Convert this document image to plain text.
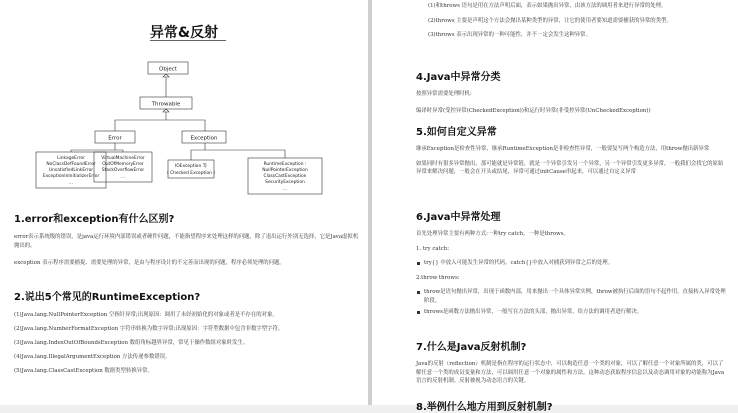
异常&反射
Object
Throwable
Error	Exception
LinkageError
NoClassDefFoundError
UnsatisfiedLinkError
ExceptionInInitializerError
...
VirtualMachineError
OutOfMemoryError
StackOverflowError
...
IOException 等
( Checked Exception )
RuntimeException :
NullPointerException
ClassCastException
SecurityException
...
1.error和exception有什么区别?

error表示系统级的错误，是java运行环境内部错误或者硬件问题，不能指望程序来处理这样的问题，除了退出运行外别无选择，它是Java虚拟机抛出的。

exception 表示程序需要捕捉、需要处理的异常，是由与程序设计的不完善而出现的问题，程序必须处理的问题。

2.说出5个常见的RuntimeException?

(1)Java.lang.NullPointerException 空指针异常;出现原因：调用了未经初始化的对象或者是不存在的对象。

(2)Java.lang.NumberFormatException 字符串转换为数字异常;出现原因：字符型数据中包含非数字型字符。

(3)Java.lang.IndexOutOfBoundsException 数组角标越界异常，常见于操作数组对象时发生。

(4)Java.lang.IllegalArgumentException 方法传递参数错误。

(5)Java.lang.ClassCastException 数据类型转换异常。

(1)和throws 语句是用在方法声明后面，表示如果抛出异常，由该方法的调用者来进行异常的处理。

(2)throws 主要是声明这个方法会抛出某种类型的异常，让它的使用者要知道需要捕获的异常的类型。

(3)throws 表示出现异常的一种可能性，并不一定会发生这种异常。

4.Java中异常分类

按照异常需要处理时机:

编译时异常(受控异常(CheckedException))和运行时异常(非受控异常(UnCheckedException))

5.如何自定义异常

继承Exception是检查性异常，继承RuntimeException是非检查性异常，一般要复写两个构造方法，用throw抛出新异常

如果同时有很多异常抛出，那可能就是异常链，就是一个异常引发另一个异常，另一个异常引发更多异常，一般我们会找它的原始异常来解决问题，一般会在开头或结尾，异常可通过initCause串起来，可以通过自定义异常

6.Java中异常处理

首先处理异常主要有两种方式:一种try catch，一种是throws。

1. try catch:

try{} 中放入可能发生异常的代码。catch{}中放入对捕获到异常之后的处理。

2.throw throws:

throw是语句抛出异常，出现于函数内部，用来抛出一个具体异常实例，throw被执行后面的语句不起作用，直接转入异常处理阶段。

throws是函数方法抛出异常，一般写在方法的头部，抛出异常，给方法的调用者进行解决。

7.什么是Java反射机制?

Java的反射（reflection）机制是指在程序的运行状态中，可以构造任意一个类的对象，可以了解任意一个对象所属的类，可以了解任意一个类的成员变量和方法，可以调用任意一个对象的属性和方法。这种动态获取程序信息以及动态调用对象的功能称为Java语言的反射机制。反射被视为动态语言的关键。

8.举例什么地方用到反射机制?
